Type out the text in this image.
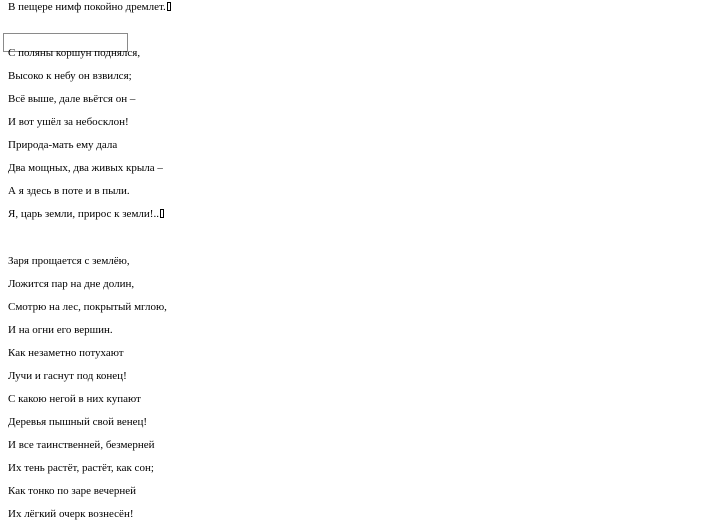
В пещере нимф покойно дремлет.
С поляны коршун поднялся,
Высоко к небу он взвился;
Всё выше, дале вьётся он –
И вот ушёл за небосклон!
Природа-мать ему дала
Два мощных, два живых крыла –
А я здесь в поте и в пыли.
Я, царь земли, прирос к земли!..
Заря прощается с землёю,
Ложится пар на дне долин,
Смотрю на лес, покрытый мглою,
И на огни его вершин.
Как незаметно потухают
Лучи и гаснут под конец!
С какою негой в них купают
Деревья пышный свой венец!
И все таинственней, безмерней
Их тень растёт, растёт, как сон;
Как тонко по заре вечерней
Их лёгкий очерк вознесён!
